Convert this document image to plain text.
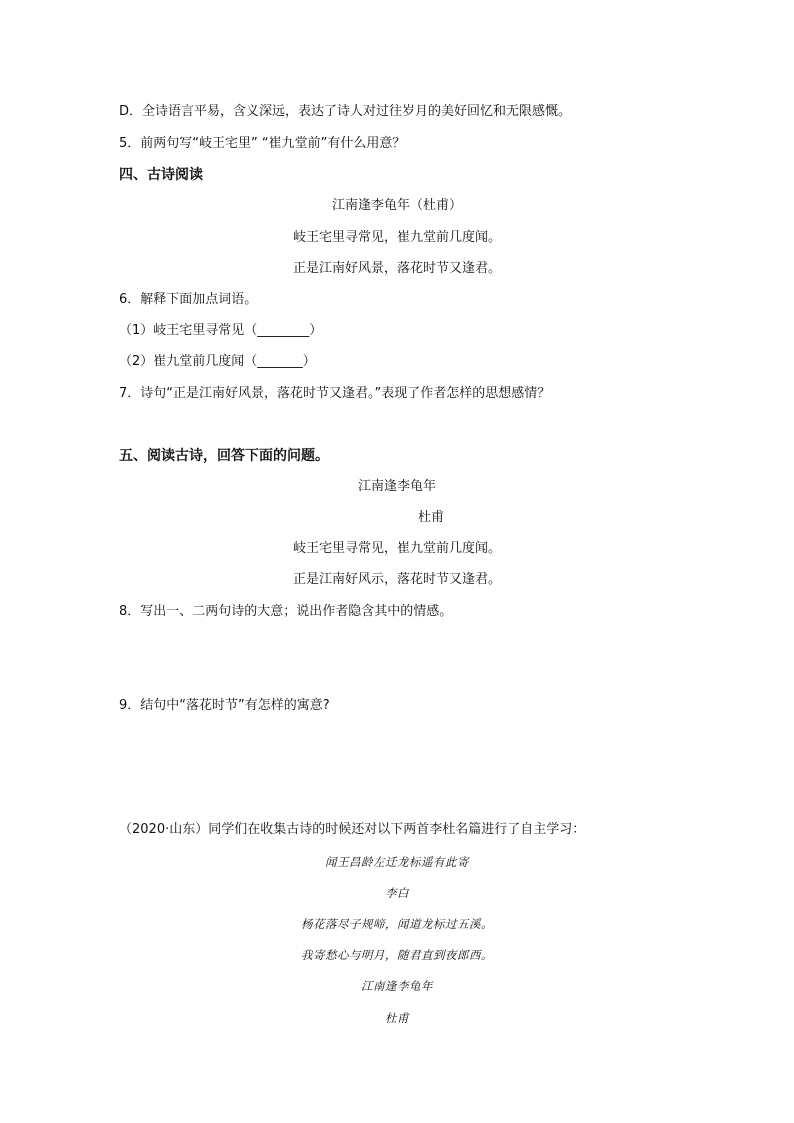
D．全诗语言平易，含义深远，表达了诗人对过往岁月的美好回忆和无限感慨。
5．前两句写“岐王宅里” “崔九堂前”有什么用意？
四、古诗阅读
江南逢李龟年（杜甫）
岐王宅里寻常见，崔九堂前几度闻。
正是江南好风景，落花时节又逢君。
6．解释下面加点词语。
（1）岐王宅里寻常见（________）
（2）崔九堂前几度闻（_______）
7．诗句“正是江南好风景，落花时节又逢君。”表现了作者怎样的思想感情？
五、阅读古诗，回答下面的问题。
江南逢李龟年
杜甫
岐王宅里寻常见，崔九堂前几度闻。
正是江南好风示，落花时节又逢君。
8．写出一、二两句诗的大意；说出作者隐含其中的情感。
9．结句中“落花时节”有怎样的寓意?
（2020·山东）同学们在收集古诗的时候还对以下两首李杜名篇进行了自主学习：
闻王昌龄左迁龙标遥有此寄
李白
杨花落尽子规啼，闻道龙标过五溪。
我寄愁心与明月，随君直到夜郎西。
江南逢李龟年
杜甫
